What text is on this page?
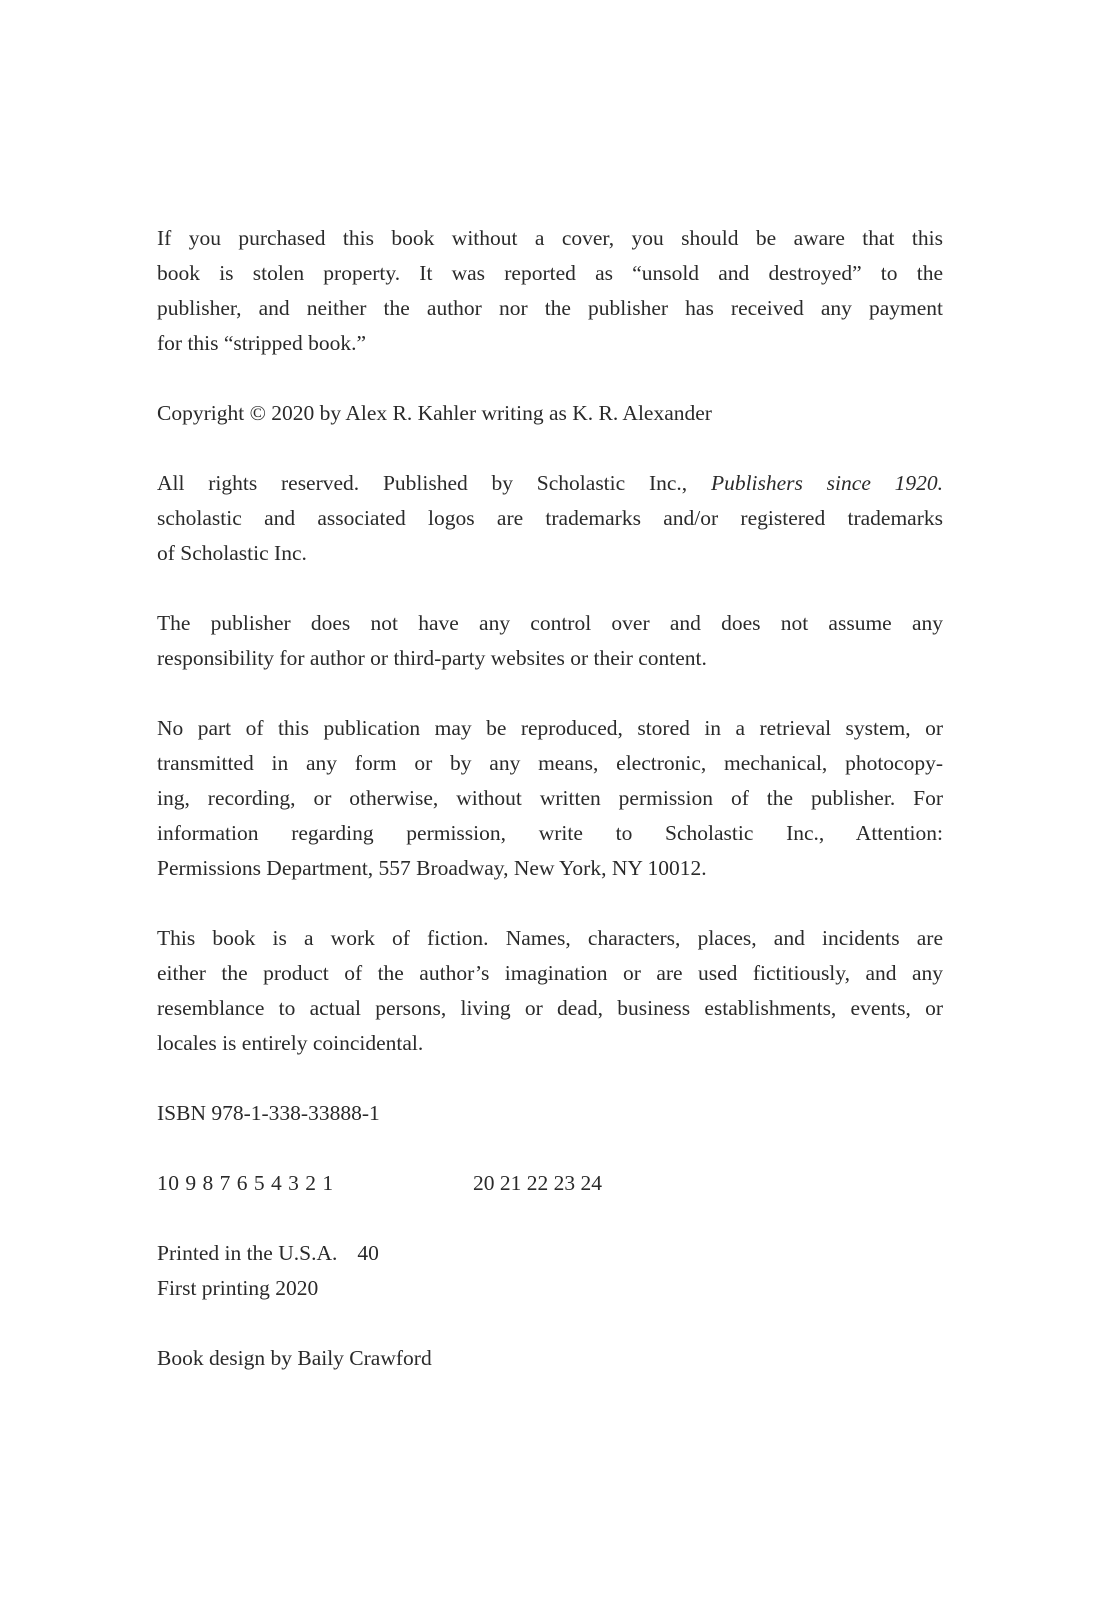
If you purchased this book without a cover, you should be aware that this
book is stolen property. It was reported as “unsold and destroyed” to the
publisher, and neither the author nor the publisher has received any payment
for this “stripped book.”
Copyright © 2020 by Alex R. Kahler writing as K. R. Alexander
All rights reserved. Published by Scholastic Inc., Publishers since 1920.
scholastic and associated logos are trademarks and/or registered trademarks
of Scholastic Inc.
The publisher does not have any control over and does not assume any
responsibility for author or third-party websites or their content.
No part of this publication may be reproduced, stored in a retrieval system, or
transmitted in any form or by any means, electronic, mechanical, photocopy-
ing, recording, or otherwise, without written permission of the publisher. For
information regarding permission, write to Scholastic Inc., Attention:
Permissions Department, 557 Broadway, New York, NY 10012.
This book is a work of fiction. Names, characters, places, and incidents are
either the product of the author’s imagination or are used fictitiously, and any
resemblance to actual persons, living or dead, business establishments, events, or
locales is entirely coincidental.
ISBN 978-1-338-33888-1
10 9 8 7 6 5 4 3 2 1	20 21 22 23 24
Printed in the U.S.A. 40
First printing 2020
Book design by Baily Crawford
